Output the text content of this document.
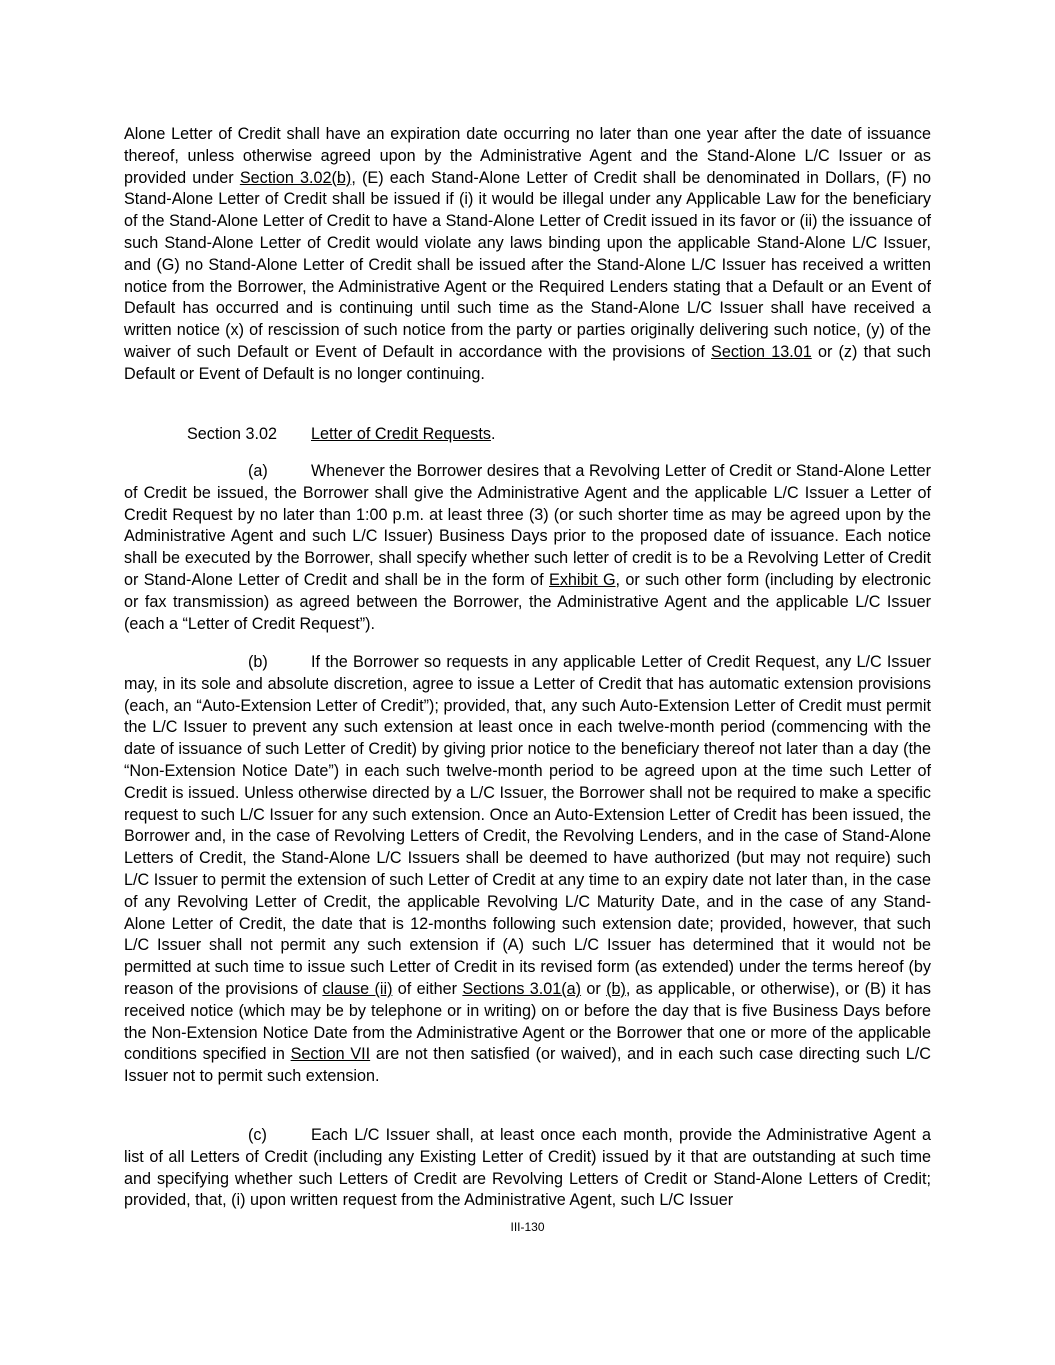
Alone Letter of Credit shall have an expiration date occurring no later than one year after the date of issuance thereof, unless otherwise agreed upon by the Administrative Agent and the Stand-Alone L/C Issuer or as provided under Section 3.02(b), (E) each Stand-Alone Letter of Credit shall be denominated in Dollars, (F) no Stand-Alone Letter of Credit shall be issued if (i) it would be illegal under any Applicable Law for the beneficiary of the Stand-Alone Letter of Credit to have a Stand-Alone Letter of Credit issued in its favor or (ii) the issuance of such Stand-Alone Letter of Credit would violate any laws binding upon the applicable Stand-Alone L/C Issuer, and (G) no Stand-Alone Letter of Credit shall be issued after the Stand-Alone L/C Issuer has received a written notice from the Borrower, the Administrative Agent or the Required Lenders stating that a Default or an Event of Default has occurred and is continuing until such time as the Stand-Alone L/C Issuer shall have received a written notice (x) of rescission of such notice from the party or parties originally delivering such notice, (y) of the waiver of such Default or Event of Default in accordance with the provisions of Section 13.01 or (z) that such Default or Event of Default is no longer continuing.

Section 3.02 Letter of Credit Requests.

(a)	Whenever the Borrower desires that a Revolving Letter of Credit or Stand-Alone Letter of Credit be issued, the Borrower shall give the Administrative Agent and the applicable L/C Issuer a Letter of Credit Request by no later than 1:00 p.m. at least three (3) (or such shorter time as may be agreed upon by the Administrative Agent and such L/C Issuer) Business Days prior to the proposed date of issuance. Each notice shall be executed by the Borrower, shall specify whether such letter of credit is to be a Revolving Letter of Credit or Stand-Alone Letter of Credit and shall be in the form of Exhibit G, or such other form (including by electronic or fax transmission) as agreed between the Borrower, the Administrative Agent and the applicable L/C Issuer (each a “Letter of Credit Request”).

(b)	If the Borrower so requests in any applicable Letter of Credit Request, any L/C Issuer may, in its sole and absolute discretion, agree to issue a Letter of Credit that has automatic extension provisions (each, an “Auto-Extension Letter of Credit”); provided, that, any such Auto-Extension Letter of Credit must permit the L/C Issuer to prevent any such extension at least once in each twelve-month period (commencing with the date of issuance of such Letter of Credit) by giving prior notice to the beneficiary thereof not later than a day (the “Non-Extension Notice Date”) in each such twelve-month period to be agreed upon at the time such Letter of Credit is issued. Unless otherwise directed by a L/C Issuer, the Borrower shall not be required to make a specific request to such L/C Issuer for any such extension. Once an Auto-Extension Letter of Credit has been issued, the Borrower and, in the case of Revolving Letters of Credit, the Revolving Lenders, and in the case of Stand-Alone Letters of Credit, the Stand-Alone L/C Issuers shall be deemed to have authorized (but may not require) such L/C Issuer to permit the extension of such Letter of Credit at any time to an expiry date not later than, in the case of any Revolving Letter of Credit, the applicable Revolving L/C Maturity Date, and in the case of any Stand-Alone Letter of Credit, the date that is 12-months following such extension date; provided, however, that such L/C Issuer shall not permit any such extension if (A) such L/C Issuer has determined that it would not be permitted at such time to issue such Letter of Credit in its revised form (as extended) under the terms hereof (by reason of the provisions of clause (ii) of either Sections 3.01(a) or (b), as applicable, or otherwise), or (B) it has received notice (which may be by telephone or in writing) on or before the day that is five Business Days before the Non-Extension Notice Date from the Administrative Agent or the Borrower that one or more of the applicable conditions specified in Section VII are not then satisfied (or waived), and in each such case directing such L/C Issuer not to permit such extension.

(c)	Each L/C Issuer shall, at least once each month, provide the Administrative Agent a list of all Letters of Credit (including any Existing Letter of Credit) issued by it that are outstanding at such time and specifying whether such Letters of Credit are Revolving Letters of Credit or Stand-Alone Letters of Credit; provided, that, (i) upon written request from the Administrative Agent, such L/C Issuer

III-130
